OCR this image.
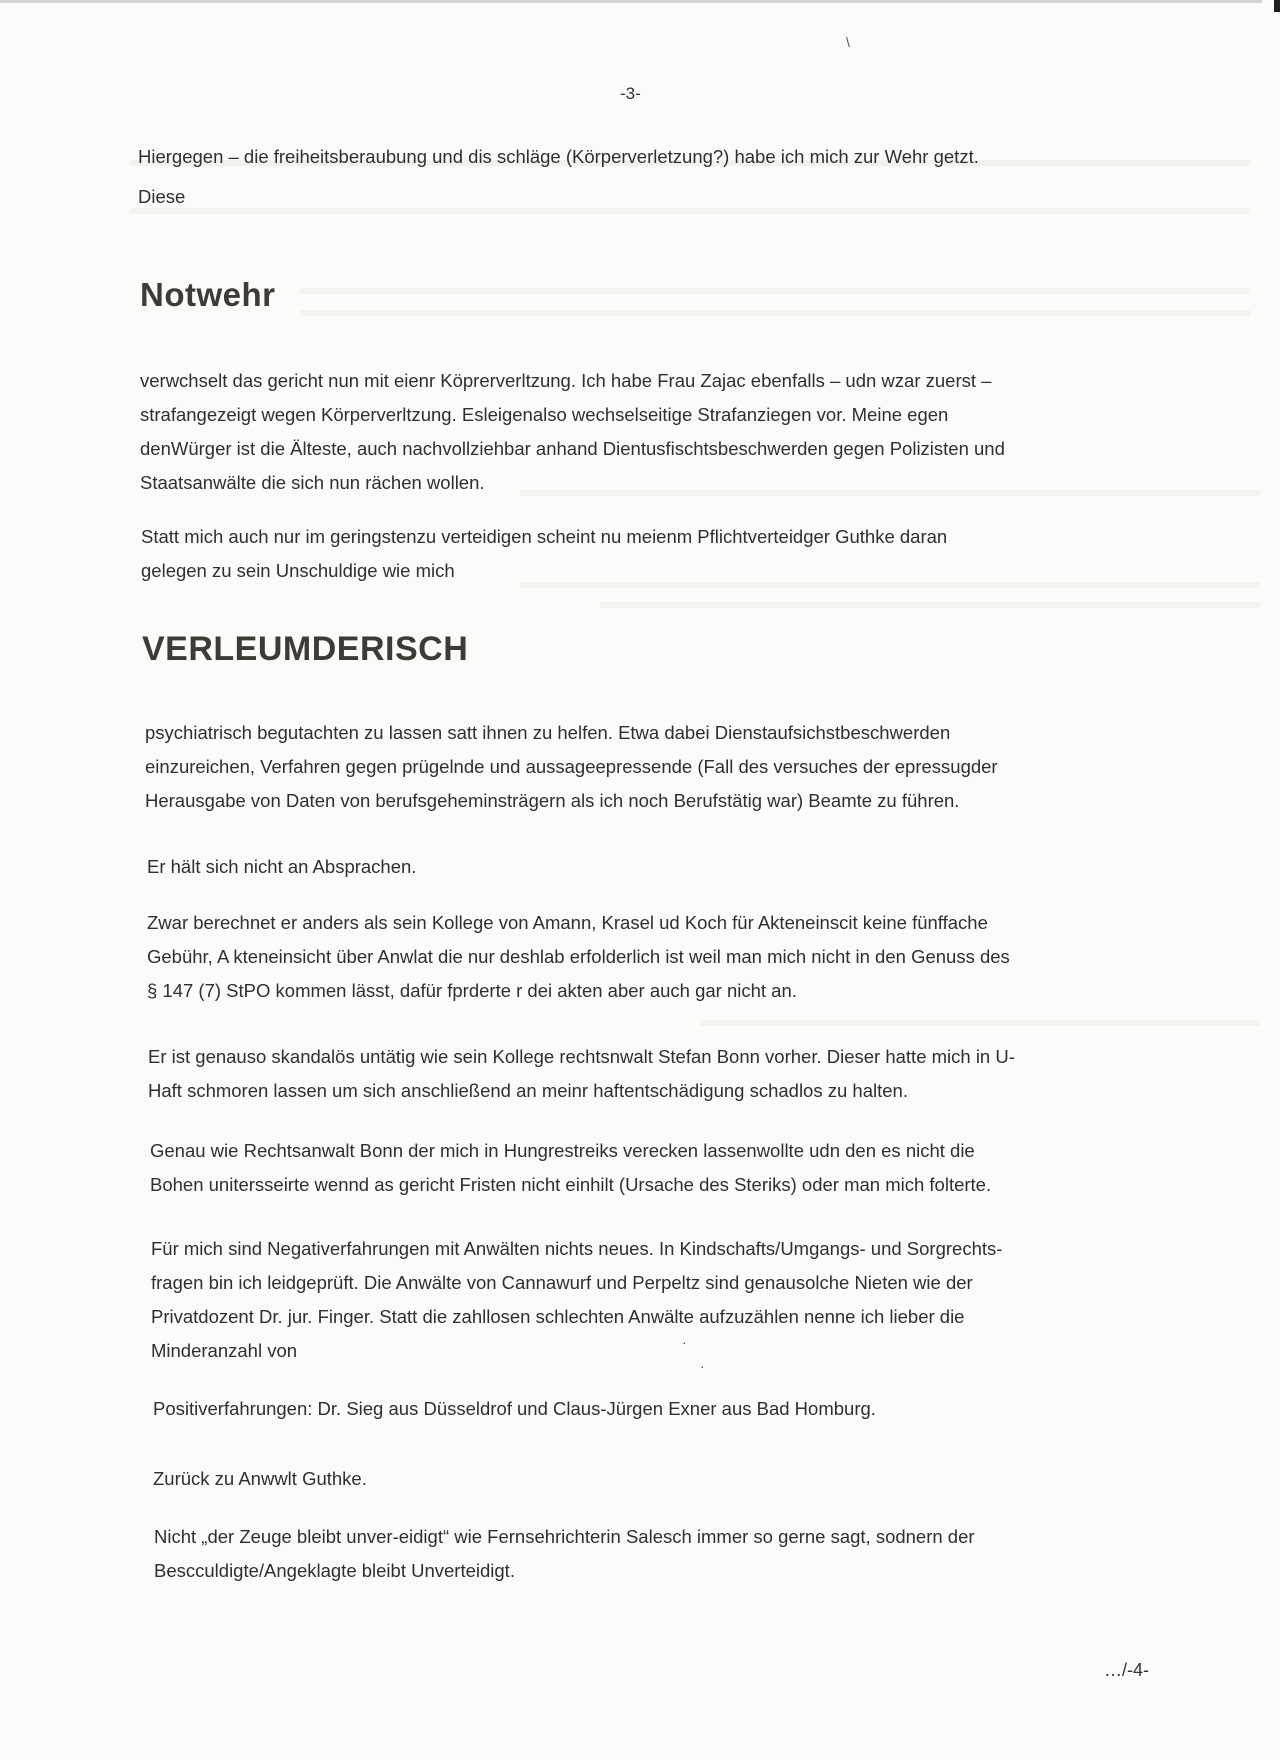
\
-3-

Hiergegen – die freiheitsberaubung und dis schläge (Körperverletzung?) habe ich mich zur Wehr getzt.
Diese

Notwehr

verwchselt das gericht nun mit eienr Köprerverltzung. Ich habe Frau Zajac ebenfalls – udn wzar zuerst –
strafangezeigt wegen Körperverltzung. Esleigenalso wechselseitige Strafanziegen vor. Meine egen
denWürger ist die Älteste, auch nachvollziehbar anhand Dientusfischtsbeschwerden gegen Polizisten und
Staatsanwälte die sich nun rächen wollen.

Statt mich auch nur im geringstenzu verteidigen scheint nu meienm Pflichtverteidger Guthke daran
gelegen zu sein Unschuldige wie mich

VERLEUMDERISCH

psychiatrisch begutachten zu lassen satt ihnen zu helfen. Etwa dabei Dienstaufsichstbeschwerden
einzureichen, Verfahren gegen prügelnde und aussageepressende (Fall des versuches der epressugder
Herausgabe von Daten von berufsgeheminsträgern als ich noch Berufstätig war) Beamte zu führen.

Er hält sich nicht an Absprachen.

Zwar berechnet er anders als sein Kollege von Amann, Krasel ud Koch für Akteneinscit keine fünffache
Gebühr, A kteneinsicht über Anwlat die nur deshlab erfolderlich ist weil man mich nicht in den Genuss des
§ 147 (7) StPO kommen lässt, dafür fprderte r dei akten aber auch gar nicht an.

Er ist genauso skandalös untätig wie sein Kollege rechtsnwalt Stefan Bonn vorher. Dieser hatte mich in U-
Haft schmoren lassen um sich anschließend an meinr haftentschädigung schadlos zu halten.

Genau wie Rechtsanwalt Bonn der mich in Hungrestreiks verecken lassenwollte udn den es nicht die
Bohen unitersseirte wennd as gericht Fristen nicht einhilt (Ursache des Steriks) oder man mich folterte.

Für mich sind Negativerfahrungen mit Anwälten nichts neues. In Kindschafts/Umgangs- und Sorgrechts-
fragen bin ich leidgeprüft. Die Anwälte von Cannawurf und Perpeltz sind genausolche Nieten wie der
Privatdozent Dr. jur. Finger. Statt die zahllosen schlechten Anwälte aufzuzählen nenne ich lieber die
Minderanzahl von	·
·

Positiverfahrungen: Dr. Sieg aus Düsseldrof und Claus-Jürgen Exner aus Bad Homburg.

Zurück zu Anwwlt Guthke.

Nicht „der Zeuge bleibt unver-eidigt“ wie Fernsehrichterin Salesch immer so gerne sagt, sodnern der
Bescculdigte/Angeklagte bleibt Unverteidigt.

…/-4-
